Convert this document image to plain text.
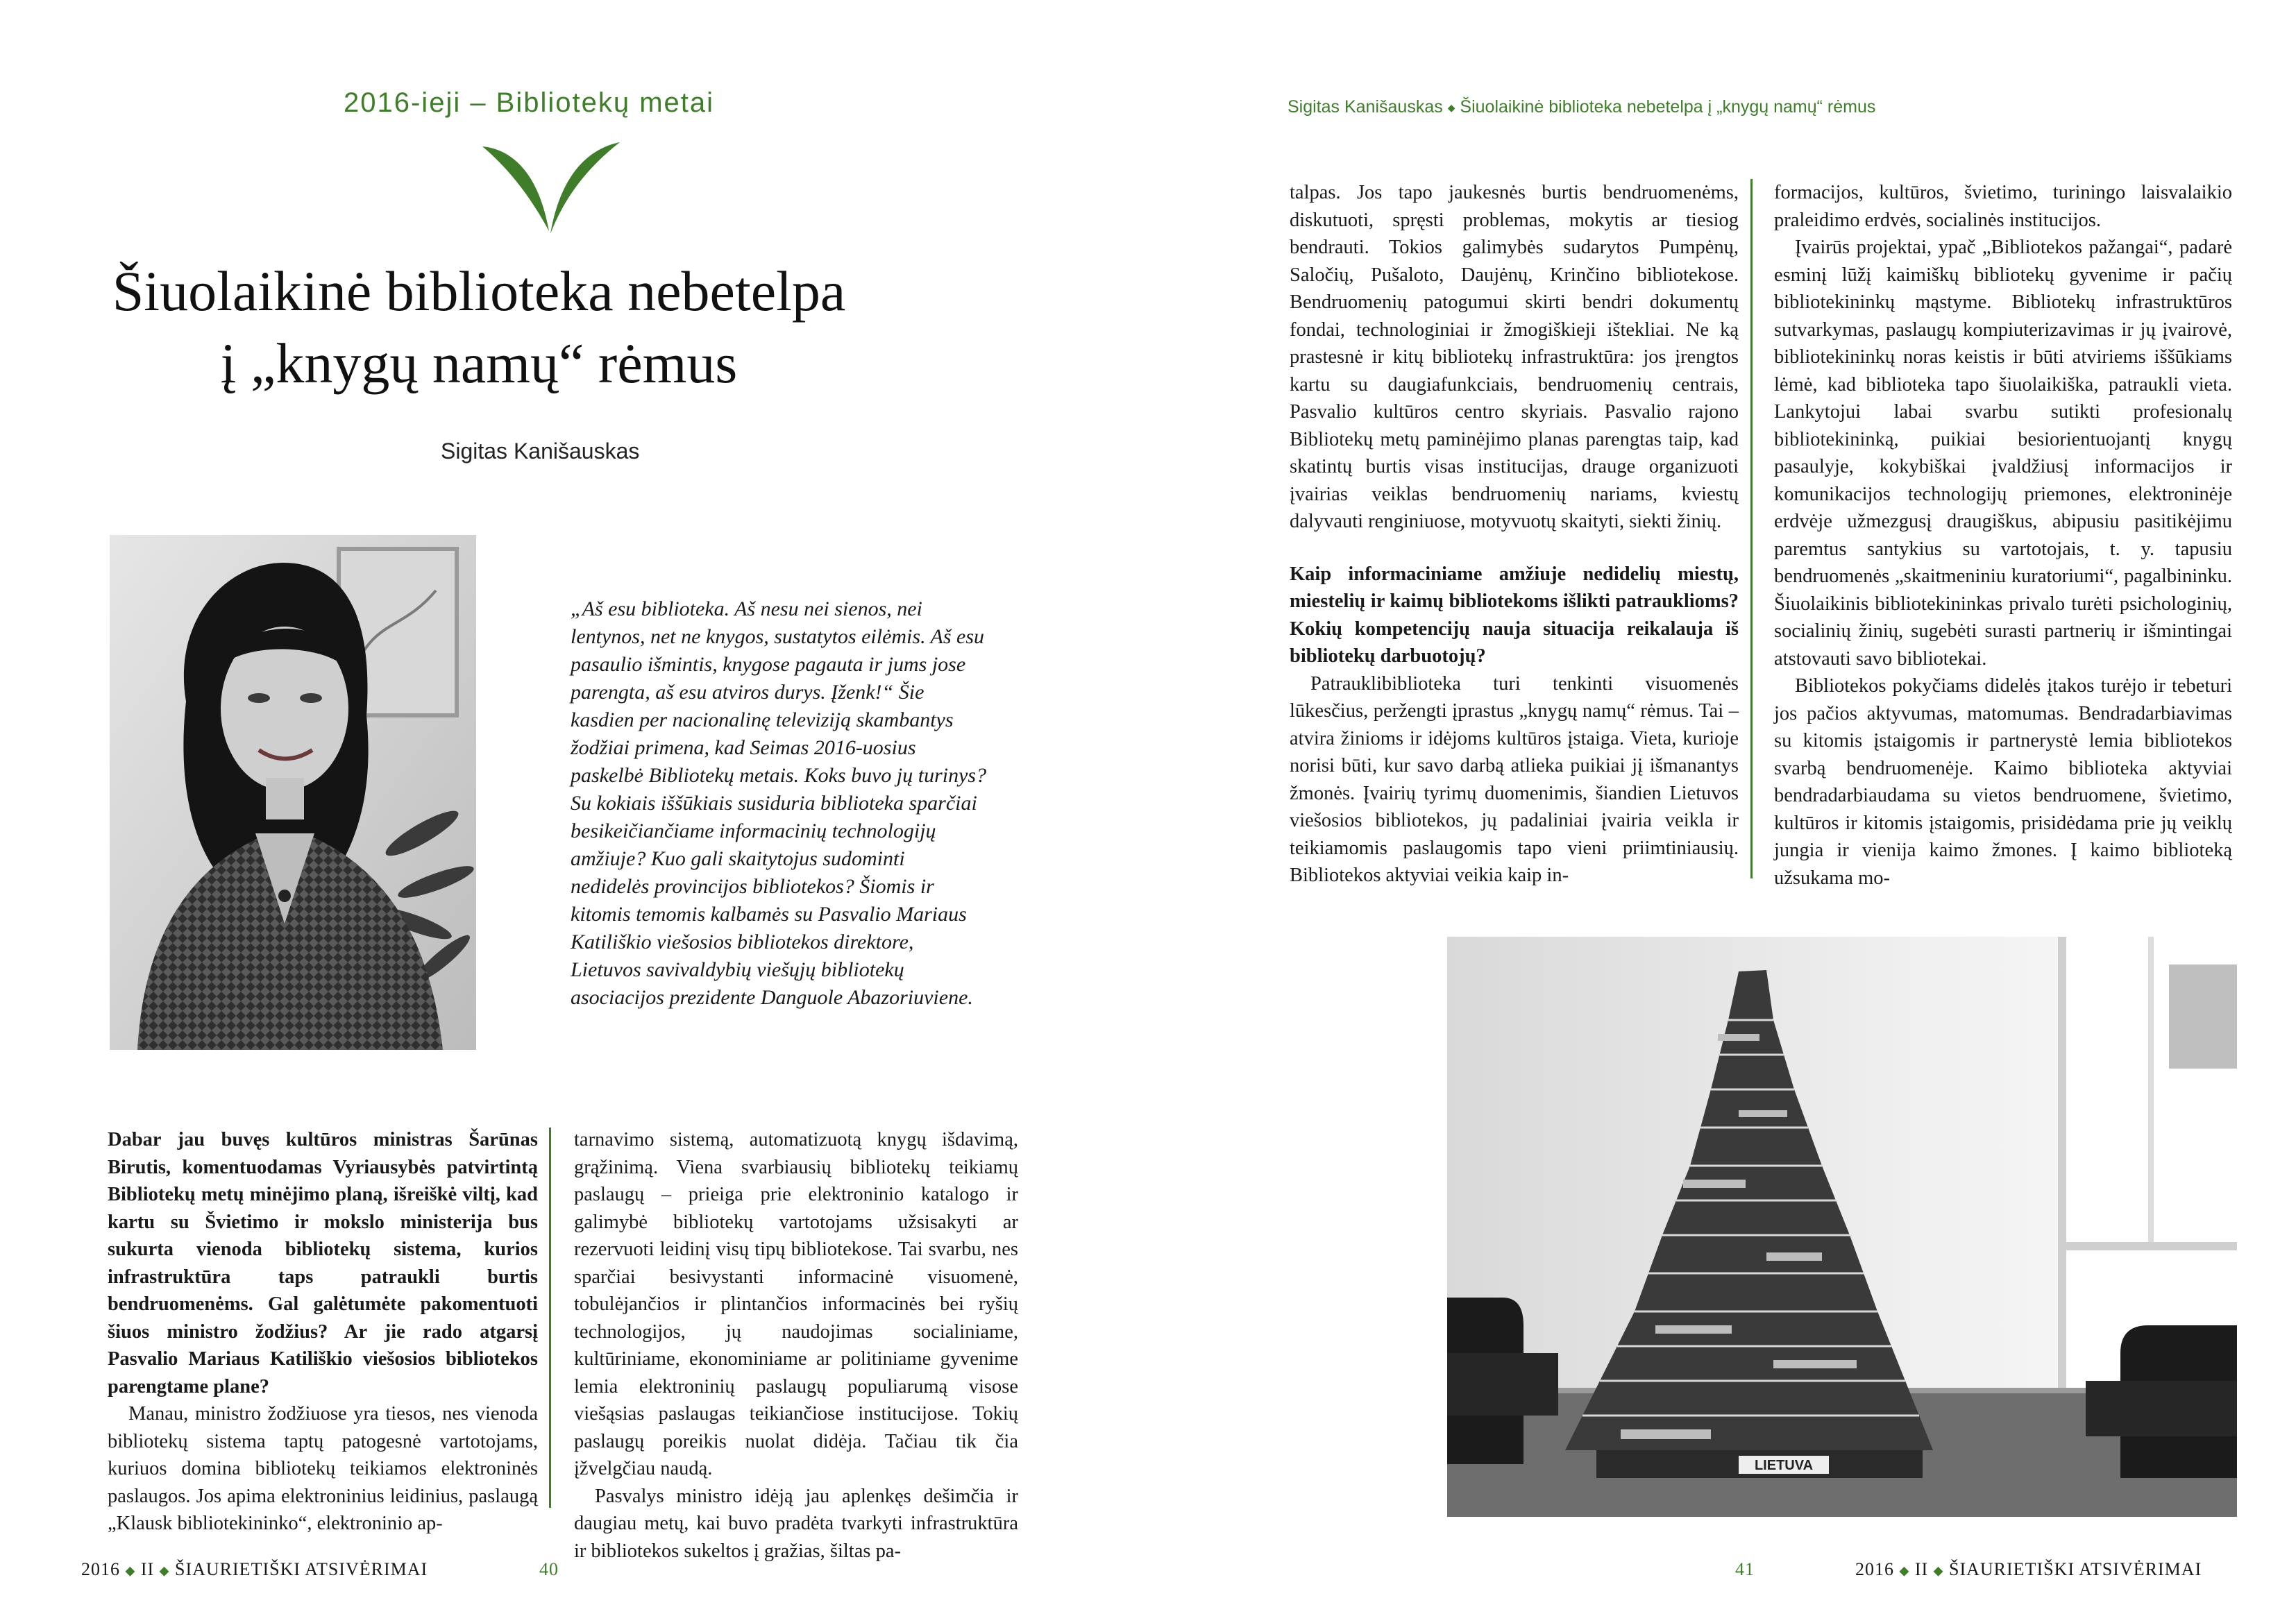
2016-ieji – Bibliotekų metai
Šiuolaikinė biblioteka nebetelpa
į „knygų namų“ rėmus
Sigitas Kanišauskas
„Aš esu biblioteka. Aš nesu nei sienos, nei lentynos, net ne knygos, sustatytos eilėmis. Aš esu pasaulio išmintis, knygose pagauta ir jums jose parengta, aš esu atviros durys. Įženk!“ Šie kasdien per nacionalinę televiziją skambantys žodžiai primena, kad Seimas 2016-uosius paskelbė Bibliotekų metais. Koks buvo jų turinys? Su kokiais iššūkiais susiduria biblioteka sparčiai besikeičiančiame informacinių technologijų amžiuje? Kuo gali skaitytojus sudominti nedidelės provincijos bibliotekos? Šiomis ir kitomis temomis kalbamės su Pasvalio Mariaus Katiliškio viešosios bibliotekos direktore, Lietuvos savivaldybių viešųjų bibliotekų asociacijos prezidente Danguole Abazoriuviene.

Dabar jau buvęs kultūros ministras Šarūnas Birutis, komentuodamas Vyriausybės patvirtintą Bibliotekų metų minėjimo planą, išreiškė viltį, kad kartu su Švietimo ir mokslo ministerija bus sukurta vienoda bibliotekų sistema, kurios infrastruktūra taps patraukli burtis bendruomenėms. Gal galėtumėte pakomentuoti šiuos ministro žodžius? Ar jie rado atgarsį Pasvalio Mariaus Katiliškio viešosios bibliotekos parengtame plane?

Manau, ministro žodžiuose yra tiesos, nes vienoda bibliotekų sistema taptų patogesnė vartotojams, kuriuos domina bibliotekų teikiamos elektroninės paslaugos. Jos apima elektroninius leidinius, paslaugą „Klausk bibliotekininko“, elektroninio ap-

tarnavimo sistemą, automatizuotą knygų išdavimą, grąžinimą. Viena svarbiausių bibliotekų teikiamų paslaugų – prieiga prie elektroninio katalogo ir galimybė bibliotekų vartotojams užsisakyti ar rezervuoti leidinį visų tipų bibliotekose. Tai svarbu, nes sparčiai besivystanti informacinė visuomenė, tobulėjančios ir plintančios informacinės bei ryšių technologijos, jų naudojimas socialiniame, kultūriniame, ekonominiame ar politiniame gyvenime lemia elektroninių paslaugų populiarumą visose viešąsias paslaugas teikiančiose institucijose. Tokių paslaugų poreikis nuolat didėja. Tačiau tik čia įžvelgčiau naudą.

Pasvalys ministro idėją jau aplenkęs dešimčia ir daugiau metų, kai buvo pradėta tvarkyti infrastruktūra ir bibliotekos sukeltos į gražias, šiltas pa-

2016 ◆ II ◆ ŠIAURIETIŠKI ATSIVĖRIMAI	40
Sigitas Kanišauskas ◆ Šiuolaikinė biblioteka nebetelpa į „knygų namų“ rėmus

talpas. Jos tapo jaukesnės burtis bendruomenėms, diskutuoti, spręsti problemas, mokytis ar tiesiog bendrauti. Tokios galimybės sudarytos Pumpėnų, Saločių, Pušaloto, Daujėnų, Krinčino bibliotekose. Bendruomenių patogumui skirti bendri dokumentų fondai, technologiniai ir žmogiškieji ištekliai. Ne ką prastesnė ir kitų bibliotekų infrastruktūra: jos įrengtos kartu su daugiafunkciais, bendruomenių centrais, Pasvalio kultūros centro skyriais. Pasvalio rajono Bibliotekų metų paminėjimo planas parengtas taip, kad skatintų burtis visas institucijas, drauge organizuoti įvairias veiklas bendruomenių nariams, kviestų dalyvauti renginiuose, motyvuotų skaityti, siekti žinių.

Kaip informaciniame amžiuje nedidelių miestų, miestelių ir kaimų bibliotekoms išlikti patrauklioms? Kokių kompetencijų nauja situacija reikalauja iš bibliotekų darbuotojų?

Patrauklibiblioteka turi tenkinti visuomenės lūkesčius, peržengti įprastus „knygų namų“ rėmus. Tai – atvira žinioms ir idėjoms kultūros įstaiga. Vieta, kurioje norisi būti, kur savo darbą atlieka puikiai jį išmanantys žmonės. Įvairių tyrimų duomenimis, šiandien Lietuvos viešosios bibliotekos, jų padaliniai įvairia veikla ir teikiamomis paslaugomis tapo vieni priimtiniausių. Bibliotekos aktyviai veikia kaip in-

formacijos, kultūros, švietimo, turiningo laisvalaikio praleidimo erdvės, socialinės institucijos.

Įvairūs projektai, ypač „Bibliotekos pažangai“, padarė esminį lūžį kaimiškų bibliotekų gyvenime ir pačių bibliotekininkų mąstyme. Bibliotekų infrastruktūros sutvarkymas, paslaugų kompiuterizavimas ir jų įvairovė, bibliotekininkų noras keistis ir būti atviriems iššūkiams lėmė, kad biblioteka tapo šiuolaikiška, patraukli vieta. Lankytojui labai svarbu sutikti profesionalų bibliotekininką, puikiai besiorientuojantį knygų pasaulyje, kokybiškai įvaldžiusį informacijos ir komunikacijos technologijų priemones, elektroninėje erdvėje užmezgusį draugiškus, abipusiu pasitikėjimu paremtus santykius su vartotojais, t. y. tapusiu bendruomenės „skaitmeniniu kuratoriumi“, pagalbininku. Šiuolaikinis bibliotekininkas privalo turėti psichologinių, socialinių žinių, sugebėti surasti partnerių ir išmintingai atstovauti savo bibliotekai.

Bibliotekos pokyčiams didelės įtakos turėjo ir tebeturi jos pačios aktyvumas, matomumas. Bendradarbiavimas su kitomis įstaigomis ir partnerystė lemia bibliotekos svarbą bendruomenėje. Kaimo biblioteka aktyviai bendradarbiaudama su vietos bendruomene, švietimo, kultūros ir kitomis įstaigomis, prisidėdama prie jų veiklų jungia ir vienija kaimo žmones. Į kaimo biblioteką užsukama mo-

LIETUVA
41	2016 ◆ II ◆ ŠIAURIETIŠKI ATSIVĖRIMAI
